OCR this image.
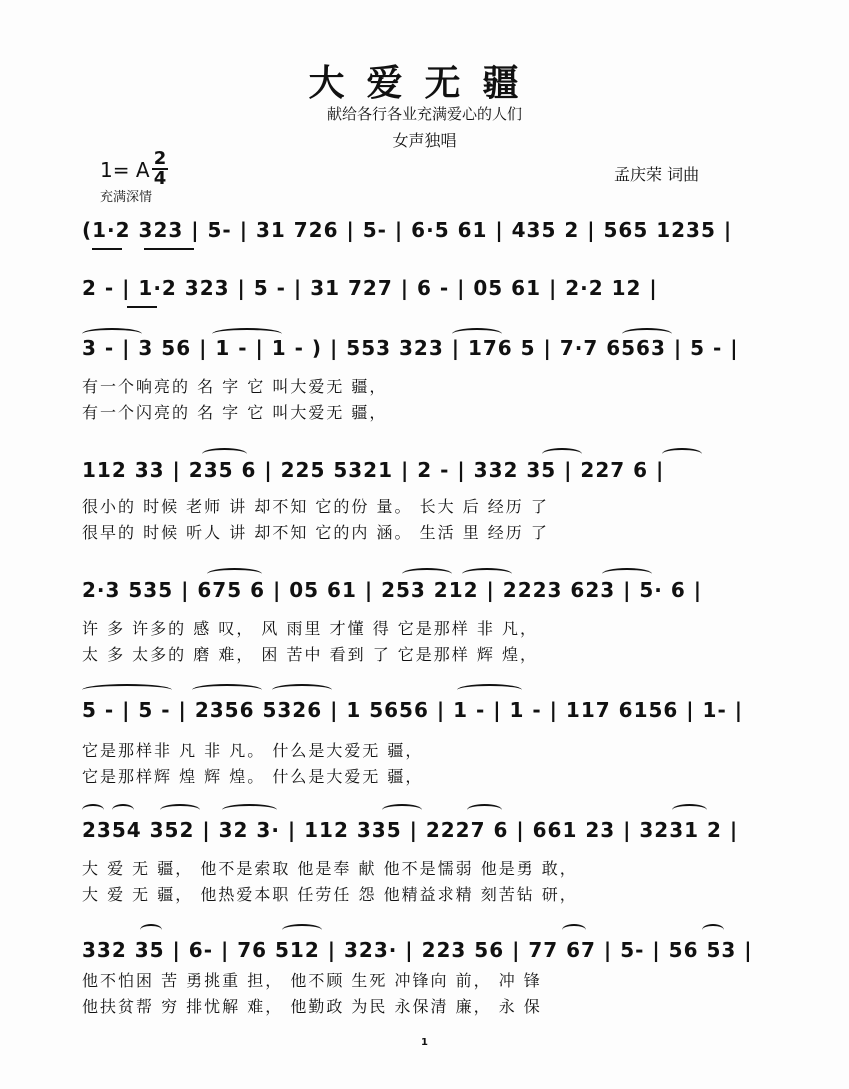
大爱无疆
献给各行各业充满爱心的人们
女声独唱
1= A 2
4
充满深情
孟庆荣 词曲
(1·2 323 | 5- | 31 726 | 5- | 6·5 61 | 435 2 | 565 1235 |
2 - | 1·2 323 | 5 - | 31 727 | 6 - | 05 61 | 2·2 12 |
3 - | 3 56 | 1 - | 1 - ) | 553 323 | 176 5 | 7·7 6563 | 5 - |
有一个响亮的 名 字 它 叫大爱无 疆，
有一个闪亮的 名 字 它 叫大爱无 疆，
112 33 | 235 6 | 225 5321 | 2 - | 332 35 | 227 6 |
很小的 时候 老师 讲 却不知 它的份 量。 长大 后 经历 了
很早的 时候 听人 讲 却不知 它的内 涵。 生活 里 经历 了
2·3 535 | 675 6 | 05 61 | 253 212 | 2223 623 | 5· 6 |
许 多 许多的 感 叹， 风 雨里 才懂 得 它是那样 非 凡，
太 多 太多的 磨 难， 困 苦中 看到 了 它是那样 辉 煌，
5 - | 5 - | 2356 5326 | 1 5656 | 1 - | 1 - | 117 6156 | 1- |
它是那样非 凡 非 凡。 什么是大爱无 疆，
它是那样辉 煌 辉 煌。 什么是大爱无 疆，
2354 352 | 32 3· | 112 335 | 2227 6 | 661 23 | 3231 2 |
大 爱 无 疆， 他不是索取 他是奉 献 他不是懦弱 他是勇 敢，
大 爱 无 疆， 他热爱本职 任劳任 怨 他精益求精 刻苦钻 研，
332 35 | 6- | 76 512 | 323· | 223 56 | 77 67 | 5- | 56 53 |
他不怕困 苦 勇挑重 担， 他不顾 生死 冲锋向 前， 冲 锋
他扶贫帮 穷 排忧解 难， 他勤政 为民 永保清 廉， 永 保
1
